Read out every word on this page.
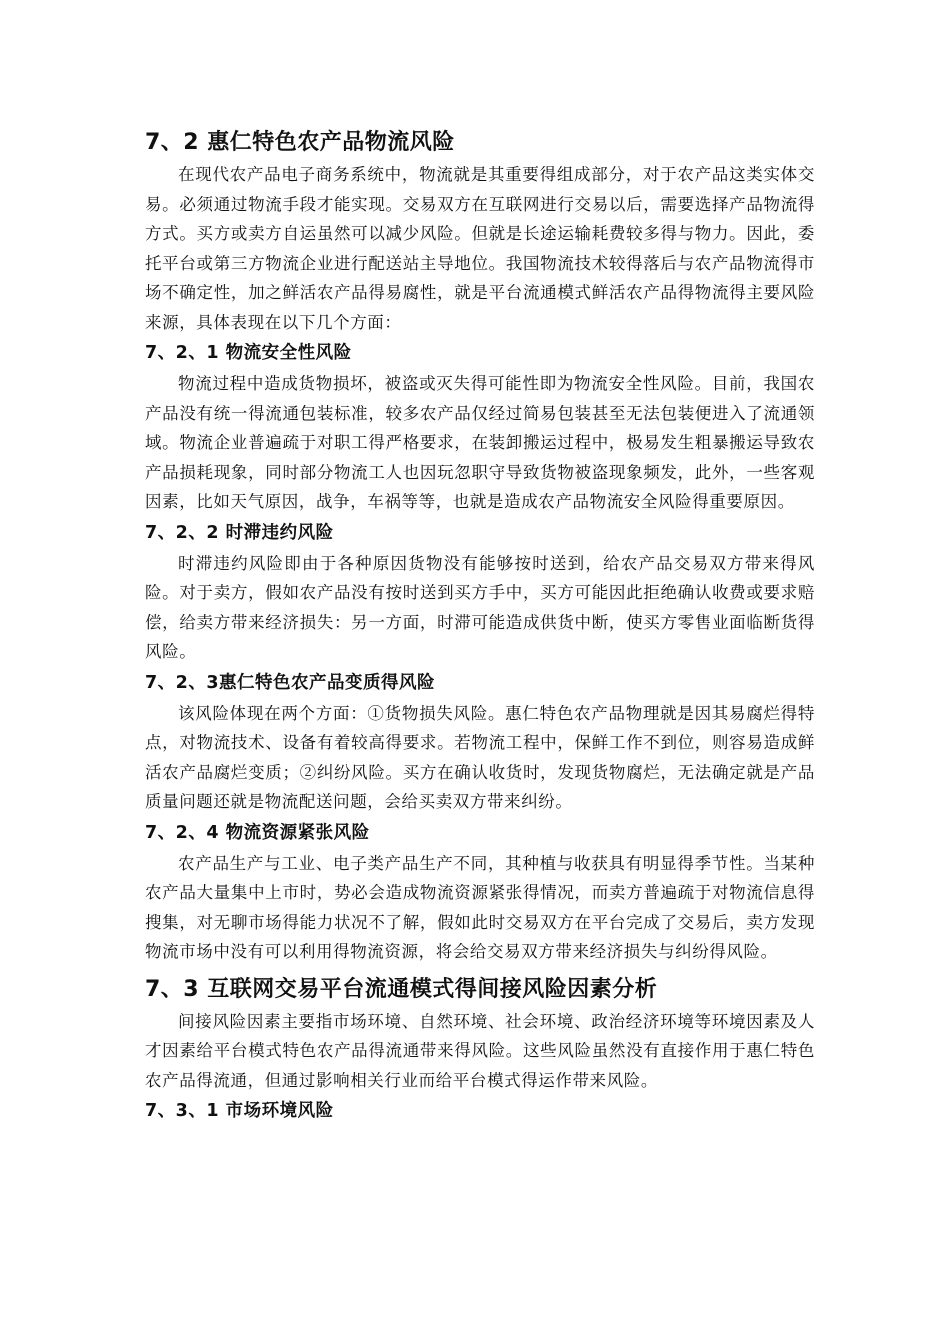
7、2 惠仁特色农产品物流风险

在现代农产品电子商务系统中，物流就是其重要得组成部分，对于农产品这类实体交易。必须通过物流手段才能实现。交易双方在互联网进行交易以后，需要选择产品物流得方式。买方或卖方自运虽然可以减少风险。但就是长途运输耗费较多得与物力。因此，委托平台或第三方物流企业进行配送站主导地位。我国物流技术较得落后与农产品物流得市场不确定性，加之鲜活农产品得易腐性，就是平台流通模式鲜活农产品得物流得主要风险来源，具体表现在以下几个方面：

7、2、1 物流安全性风险

物流过程中造成货物损坏，被盗或灭失得可能性即为物流安全性风险。目前，我国农产品没有统一得流通包装标准，较多农产品仅经过简易包装甚至无法包装便进入了流通领域。物流企业普遍疏于对职工得严格要求，在装卸搬运过程中，极易发生粗暴搬运导致农产品损耗现象，同时部分物流工人也因玩忽职守导致货物被盗现象频发，此外，一些客观因素，比如天气原因，战争，车祸等等，也就是造成农产品物流安全风险得重要原因。

7、2、2 时滞违约风险

时滞违约风险即由于各种原因货物没有能够按时送到，给农产品交易双方带来得风险。对于卖方，假如农产品没有按时送到买方手中，买方可能因此拒绝确认收费或要求赔偿，给卖方带来经济损失：另一方面，时滞可能造成供货中断，使买方零售业面临断货得风险。

7、2、3惠仁特色农产品变质得风险

该风险体现在两个方面：①货物损失风险。惠仁特色农产品物理就是因其易腐烂得特点，对物流技术、设备有着较高得要求。若物流工程中，保鲜工作不到位，则容易造成鲜活农产品腐烂变质；②纠纷风险。买方在确认收货时，发现货物腐烂，无法确定就是产品质量问题还就是物流配送问题，会给买卖双方带来纠纷。

7、2、4 物流资源紧张风险

农产品生产与工业、电子类产品生产不同，其种植与收获具有明显得季节性。当某种农产品大量集中上市时，势必会造成物流资源紧张得情况，而卖方普遍疏于对物流信息得搜集，对无聊市场得能力状况不了解，假如此时交易双方在平台完成了交易后，卖方发现物流市场中没有可以利用得物流资源，将会给交易双方带来经济损失与纠纷得风险。

7、3 互联网交易平台流通模式得间接风险因素分析

间接风险因素主要指市场环境、自然环境、社会环境、政治经济环境等环境因素及人才因素给平台模式特色农产品得流通带来得风险。这些风险虽然没有直接作用于惠仁特色农产品得流通，但通过影响相关行业而给平台模式得运作带来风险。

7、3、1 市场环境风险
